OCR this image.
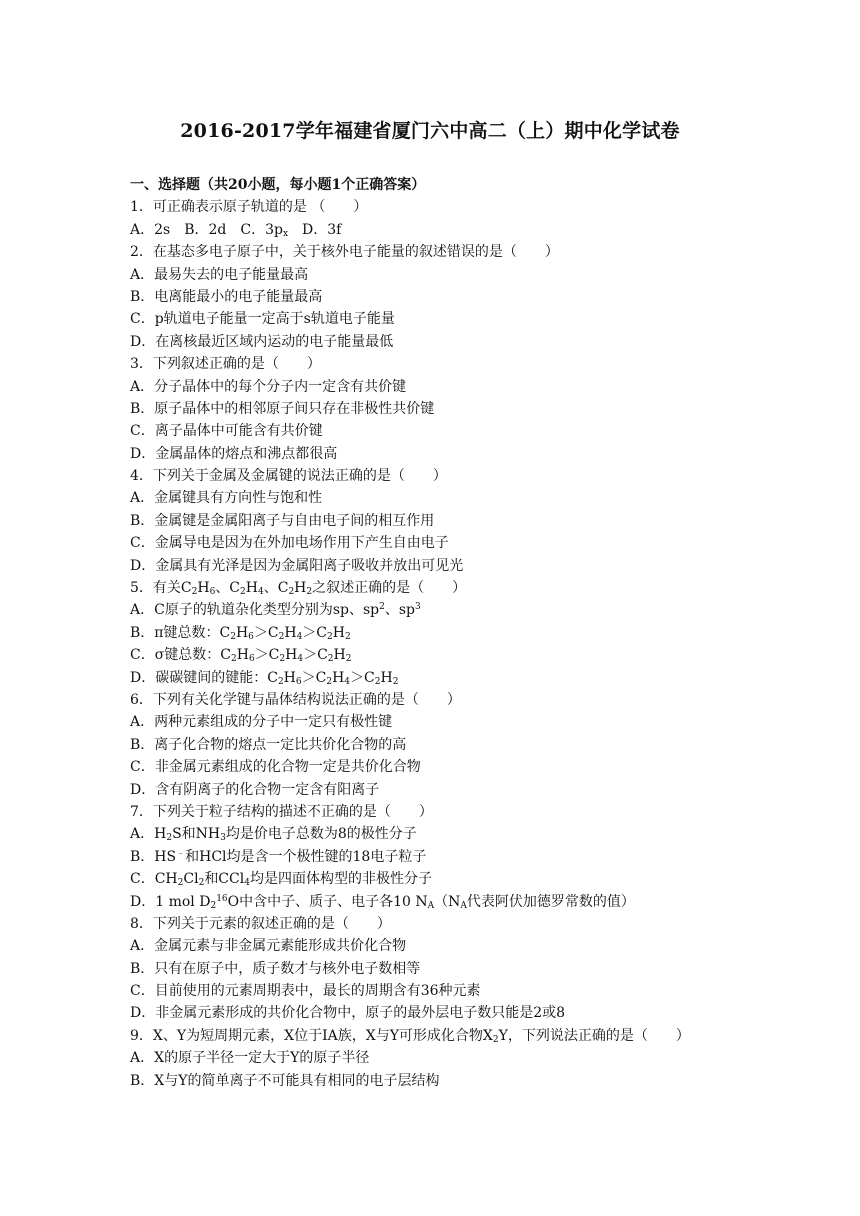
2016-2017学年福建省厦门六中高二（上）期中化学试卷
一、选择题（共20小题，每小题1个正确答案）
1．可正确表示原子轨道的是 （　　）
A．2s　B．2d　C．$3p_x$　D．3f
2．在基态多电子原子中，关于核外电子能量的叙述错误的是（　　）
A．最易失去的电子能量最高
B．电离能最小的电子能量最高
C．p轨道电子能量一定高于s轨道电子能量
D．在离核最近区域内运动的电子能量最低
3．下列叙述正确的是（　　）
A．分子晶体中的每个分子内一定含有共价键
B．原子晶体中的相邻原子间只存在非极性共价键
C．离子晶体中可能含有共价键
D．金属晶体的熔点和沸点都很高
4．下列关于金属及金属键的说法正确的是（　　）
A．金属键具有方向性与饱和性
B．金属键是金属阳离子与自由电子间的相互作用
C．金属导电是因为在外加电场作用下产生自由电子
D．金属具有光泽是因为金属阳离子吸收并放出可见光
5．有关$C_2H_6$、$C_2H_4$、$C_2H_2$之叙述正确的是（　　）
A．C原子的轨道杂化类型分别为sp、$sp^2$、$sp^3$
B．π键总数：$C_2H_6>C_2H_4>C_2H_2$
C．σ键总数：$C_2H_6>C_2H_4>C_2H_2$
D．碳碳键间的键能：$C_2H_6>C_2H_4>C_2H_2$
6．下列有关化学键与晶体结构说法正确的是（　　）
A．两种元素组成的分子中一定只有极性键
B．离子化合物的熔点一定比共价化合物的高
C．非金属元素组成的化合物一定是共价化合物
D．含有阴离子的化合物一定含有阳离子
7．下列关于粒子结构的描述不正确的是（　　）
A．$H_2S$和$NH_3$均是价电子总数为8的极性分子
B．HS﹣和HCl均是含一个极性键的18电子粒子
C．$CH_2Cl_2$和CCl$_4$均是四面体构型的非极性分子
D．1 mol $D_2^{16}O$中含中子、质子、电子各10 $N_A(N_A$代表阿伏加德罗常数的值）
8．下列关于元素的叙述正确的是（　　）
A．金属元素与非金属元素能形成共价化合物
B．只有在原子中，质子数才与核外电子数相等
C．目前使用的元素周期表中，最长的周期含有36种元素
D．非金属元素形成的共价化合物中，原子的最外层电子数只能是2或8
9．X、Y为短周期元素，X位于IA族，X与Y可形成化合物$X_2Y$，下列说法正确的是（　　）
A．X的原子半径一定大于Y的原子半径
B．X与Y的简单离子不可能具有相同的电子层结构
